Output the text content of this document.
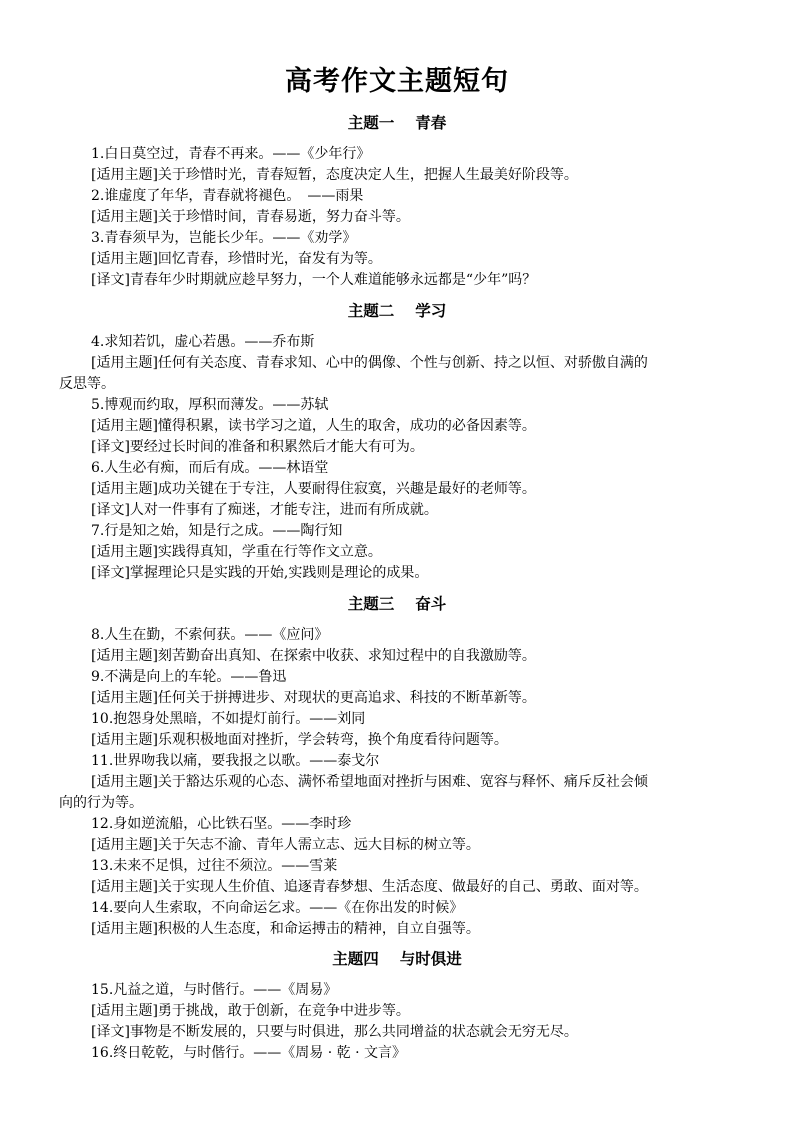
高考作文主题短句
主题一　 青春
1.白日莫空过，青春不再来。——《少年行》
[适用主题]关于珍惜时光，青春短暂，态度决定人生，把握人生最美好阶段等。
2.谁虚度了年华，青春就将褪色。　——雨果
[适用主题]关于珍惜时间，青春易逝，努力奋斗等。
3.青春须早为，岂能长少年。——《劝学》
[适用主题]回忆青春，珍惜时光，奋发有为等。
[译文]青春年少时期就应趁早努力，一个人难道能够永远都是“少年”吗？
主题二　 学习
4.求知若饥，虚心若愚。——乔布斯
[适用主题]任何有关态度、青春求知、心中的偶像、个性与创新、持之以恒、对骄傲自满的
反思等。
5.博观而约取，厚积而薄发。——苏轼
[适用主题]懂得积累，读书学习之道，人生的取舍，成功的必备因素等。
[译文]要经过长时间的准备和积累然后才能大有可为。
6.人生必有痴，而后有成。——林语堂
[适用主题]成功关键在于专注，人要耐得住寂寞，兴趣是最好的老师等。
[译文]人对一件事有了痴迷，才能专注，进而有所成就。
7.行是知之始，知是行之成。——陶行知
[适用主题]实践得真知，学重在行等作文立意。
[译文]掌握理论只是实践的开始,实践则是理论的成果。
主题三　 奋斗
8.人生在勤，不索何获。——《应问》
[适用主题]刻苦勤奋出真知、在探索中收获、求知过程中的自我激励等。
9.不满是向上的车轮。——鲁迅
[适用主题]任何关于拼搏进步、对现状的更高追求、科技的不断革新等。
10.抱怨身处黑暗，不如提灯前行。——刘同
[适用主题]乐观积极地面对挫折，学会转弯，换个角度看待问题等。
11.世界吻我以痛，要我报之以歌。——泰戈尔
[适用主题]关于豁达乐观的心态、满怀希望地面对挫折与困难、宽容与释怀、痛斥反社会倾
向的行为等。
12.身如逆流船，心比铁石坚。——李时珍
[适用主题]关于矢志不渝、青年人需立志、远大目标的树立等。
13.未来不足惧，过往不须泣。——雪莱
[适用主题]关于实现人生价值、追逐青春梦想、生活态度、做最好的自己、勇敢、面对等。
14.要向人生索取，不向命运乞求。——《在你出发的时候》
[适用主题]积极的人生态度，和命运搏击的精神，自立自强等。
主题四　 与时俱进
15.凡益之道，与时偕行。——《周易》
[适用主题]勇于挑战，敢于创新，在竞争中进步等。
[译文]事物是不断发展的，只要与时俱进，那么共同增益的状态就会无穷无尽。
16.终日乾乾，与时偕行。——《周易 · 乾 · 文言》
